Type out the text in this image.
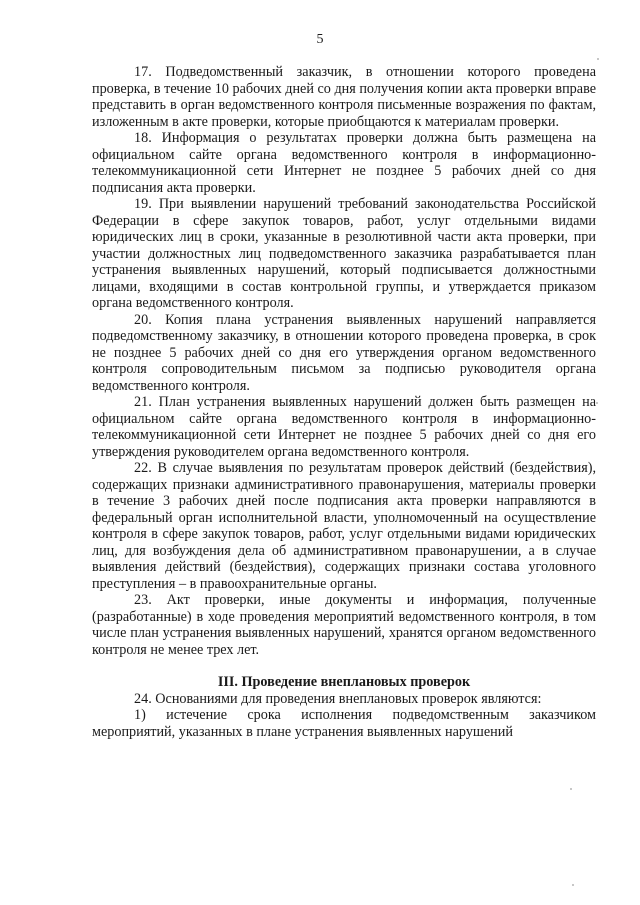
5

17. Подведомственный заказчик, в отношении которого проведена проверка, в течение 10 рабочих дней со дня получения копии акта проверки вправе представить в орган ведомственного контроля письменные возражения по фактам, изложенным в акте проверки, которые приобщаются к материалам проверки.

18. Информация о результатах проверки должна быть размещена на официальном сайте органа ведомственного контроля в информационно-телекоммуникационной сети Интернет не позднее 5 рабочих дней со дня подписания акта проверки.

19. При выявлении нарушений требований законодательства Российской Федерации в сфере закупок товаров, работ, услуг отдельными видами юридических лиц в сроки, указанные в резолютивной части акта проверки, при участии должностных лиц подведомственного заказчика разрабатывается план устранения выявленных нарушений, который подписывается должностными лицами, входящими в состав контрольной группы, и утверждается приказом органа ведомственного контроля.

20. Копия плана устранения выявленных нарушений направляется подведомственному заказчику, в отношении которого проведена проверка, в срок не позднее 5 рабочих дней со дня его утверждения органом ведомственного контроля сопроводительным письмом за подписью руководителя органа ведомственного контроля.

21. План устранения выявленных нарушений должен быть размещен на официальном сайте органа ведомственного контроля в информационно-телекоммуникационной сети Интернет не позднее 5 рабочих дней со дня его утверждения руководителем органа ведомственного контроля.

22. В случае выявления по результатам проверок действий (бездействия), содержащих признаки административного правонарушения, материалы проверки в течение 3 рабочих дней после подписания акта проверки направляются в федеральный орган исполнительной власти, уполномоченный на осуществление контроля в сфере закупок товаров, работ, услуг отдельными видами юридических лиц, для возбуждения дела об административном правонарушении, а в случае выявления действий (бездействия), содержащих признаки состава уголовного преступления – в правоохранительные органы.

23. Акт проверки, иные документы и информация, полученные (разработанные) в ходе проведения мероприятий ведомственного контроля, в том числе план устранения выявленных нарушений, хранятся органом ведомственного контроля не менее трех лет.

III. Проведение внеплановых проверок

24. Основаниями для проведения внеплановых проверок являются:

1) истечение срока исполнения подведомственным заказчиком мероприятий, указанных в плане устранения выявленных нарушений
